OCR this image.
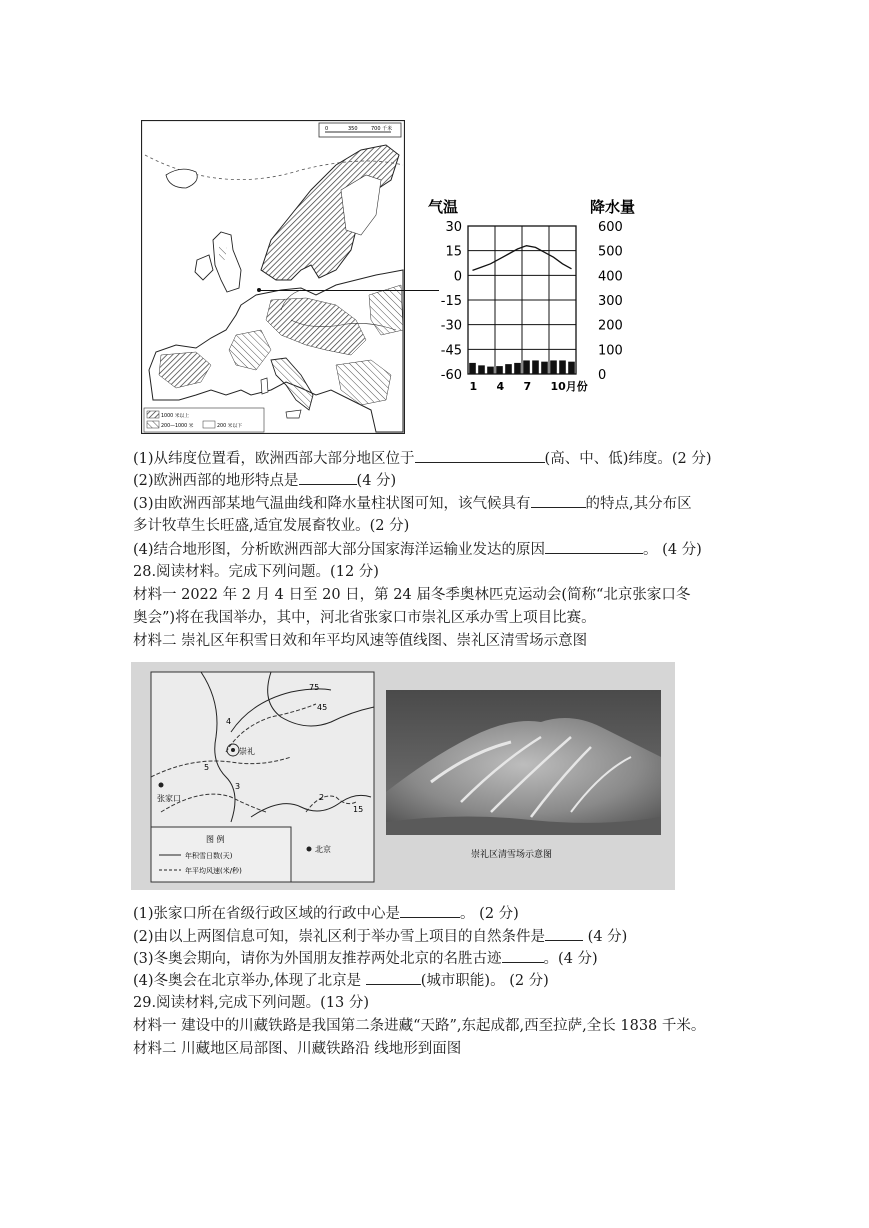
0	350	700 千米
1000 米以上
200—1000 米	200 米以下
气温	降水量
30
15
0
-15
-30
-45
-60
600
500
400
300
200
100
0
1 4 7 10月份
(1)从纬度位置看，欧洲西部大部分地区位于	(高、中、低)纬度。(2 分)
(2)欧洲西部的地形特点是	(4 分)
(3)由欧洲西部某地气温曲线和降水量柱状图可知，该气候具有	的特点,其分布区
多计牧草生长旺盛,适宜发展畜牧业。(2 分)
(4)结合地形图，分析欧洲西部大部分国家海洋运输业发达的原因	。 (4 分)
28.阅读材料。完成下列问题。(12 分)
材料一 2022 年 2 月 4 日至 20 日，第 24 届冬季奥林匹克运动会(简称“北京张家口冬
奥会”)将在我国举办，其中，河北省张家口市崇礼区承办雪上项目比赛。
材料二 崇礼区年积雪日效和年平均风速等值线图、崇礼区清雪场示意图
75
45
4
3
5
2
15
崇礼
张家口
图 例
年积雪日数(天)
年平均风速(米/秒)
北京
崇礼区清雪场示意图
(1)张家口所在省级行政区域的行政中心是	。 (2 分)
(2)由以上两图信息可知，崇礼区利于举办雪上项目的自然条件是	(4 分)
(3)冬奥会期向，请你为外国朋友推荐两处北京的名胜古迹	。(4 分)
(4)冬奥会在北京举办,体现了北京是	(城市职能)。 (2 分)
29.阅读材料,完成下列问题。(13 分)
材料一 建设中的川藏铁路是我国第二条进藏“天路”,东起成都,西至拉萨,全长 1838 千米。
材料二 川藏地区局部图、川藏铁路沿 线地形到面图
